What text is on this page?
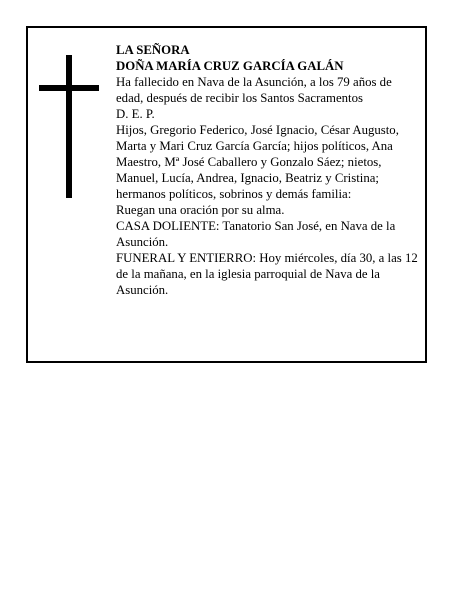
LA SEÑORA
DOÑA MARÍA CRUZ GARCÍA GALÁN
Ha fallecido en Nava de la Asunción, a los 79 años de edad, después de recibir los Santos Sacramentos
D. E. P.
Hijos, Gregorio Federico, José Ignacio, César Augusto, Marta y Mari Cruz García García; hijos políticos, Ana Maestro, Mª José Caballero y Gonzalo Sáez; nietos, Manuel, Lucía, Andrea, Ignacio, Beatriz y Cristina; hermanos políticos, sobrinos y demás familia:
Ruegan una oración por su alma.
CASA DOLIENTE: Tanatorio San José, en Nava de la Asunción.
FUNERAL Y ENTIERRO: Hoy miércoles, día 30, a las 12 de la mañana, en la iglesia parroquial de Nava de la Asunción.
